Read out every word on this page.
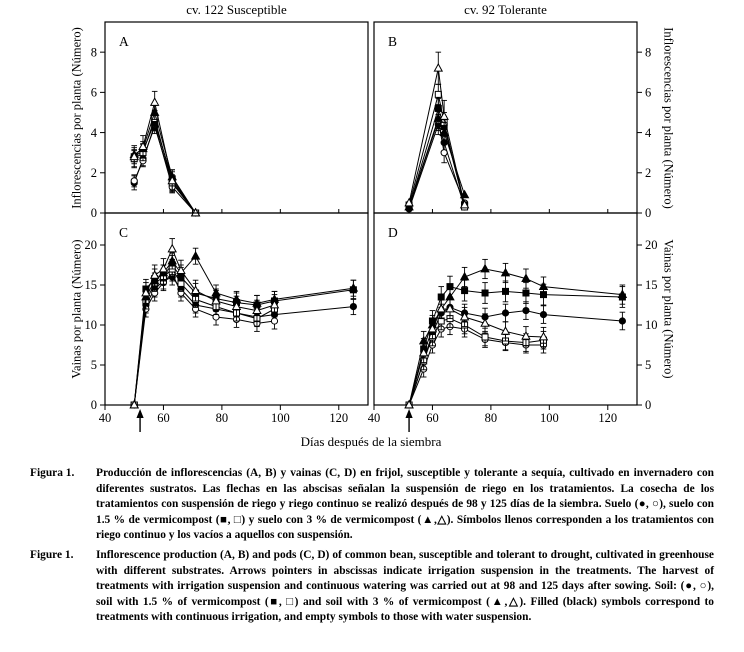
0
2
4
6
8
A
0
2
4
6
8
B
0
5
10
15
20
40	60	80	100	120
C
0
5
10
15
20
40	60	80	100	120
D
cv. 122 Susceptible	cv. 92 Tolerante
Inflorescencias por planta (Número)	Inflorescencias por planta (Número)
Vainas por planta (Número)	Vainas por planta (Número)
Días después de la siembra

Figura 1. Producción de inflorescencias (A, B) y vainas (C, D) en frijol, susceptible y tolerante a sequía, cultivado en invernadero con diferentes sustratos. Las flechas en las abscisas señalan la suspensión de riego en los tratamientos. La cosecha de los tratamientos con suspensión de riego y riego continuo se realizó después de 98 y 125 días de la siembra. Suelo (●, ○), suelo con 1.5 % de vermicompost (■, □) y suelo con 3 % de vermicompost (▲,△). Símbolos llenos corresponden a los tratamientos con riego continuo y los vacíos a aquellos con suspensión.

Figure 1. Inflorescence production (A, B) and pods (C, D) of common bean, susceptible and tolerant to drought, cultivated in greenhouse with different substrates. Arrows pointers in abscissas indicate irrigation suspension in the treatments. The harvest of treatments with irrigation suspension and continuous watering was carried out at 98 and 125 days after sowing. Soil: (●, ○), soil with 1.5 % of vermicompost (■, □) and soil with 3 % of vermicompost (▲,△). Filled (black) symbols correspond to treatments with continuous irrigation, and empty symbols to those with water suspension.
